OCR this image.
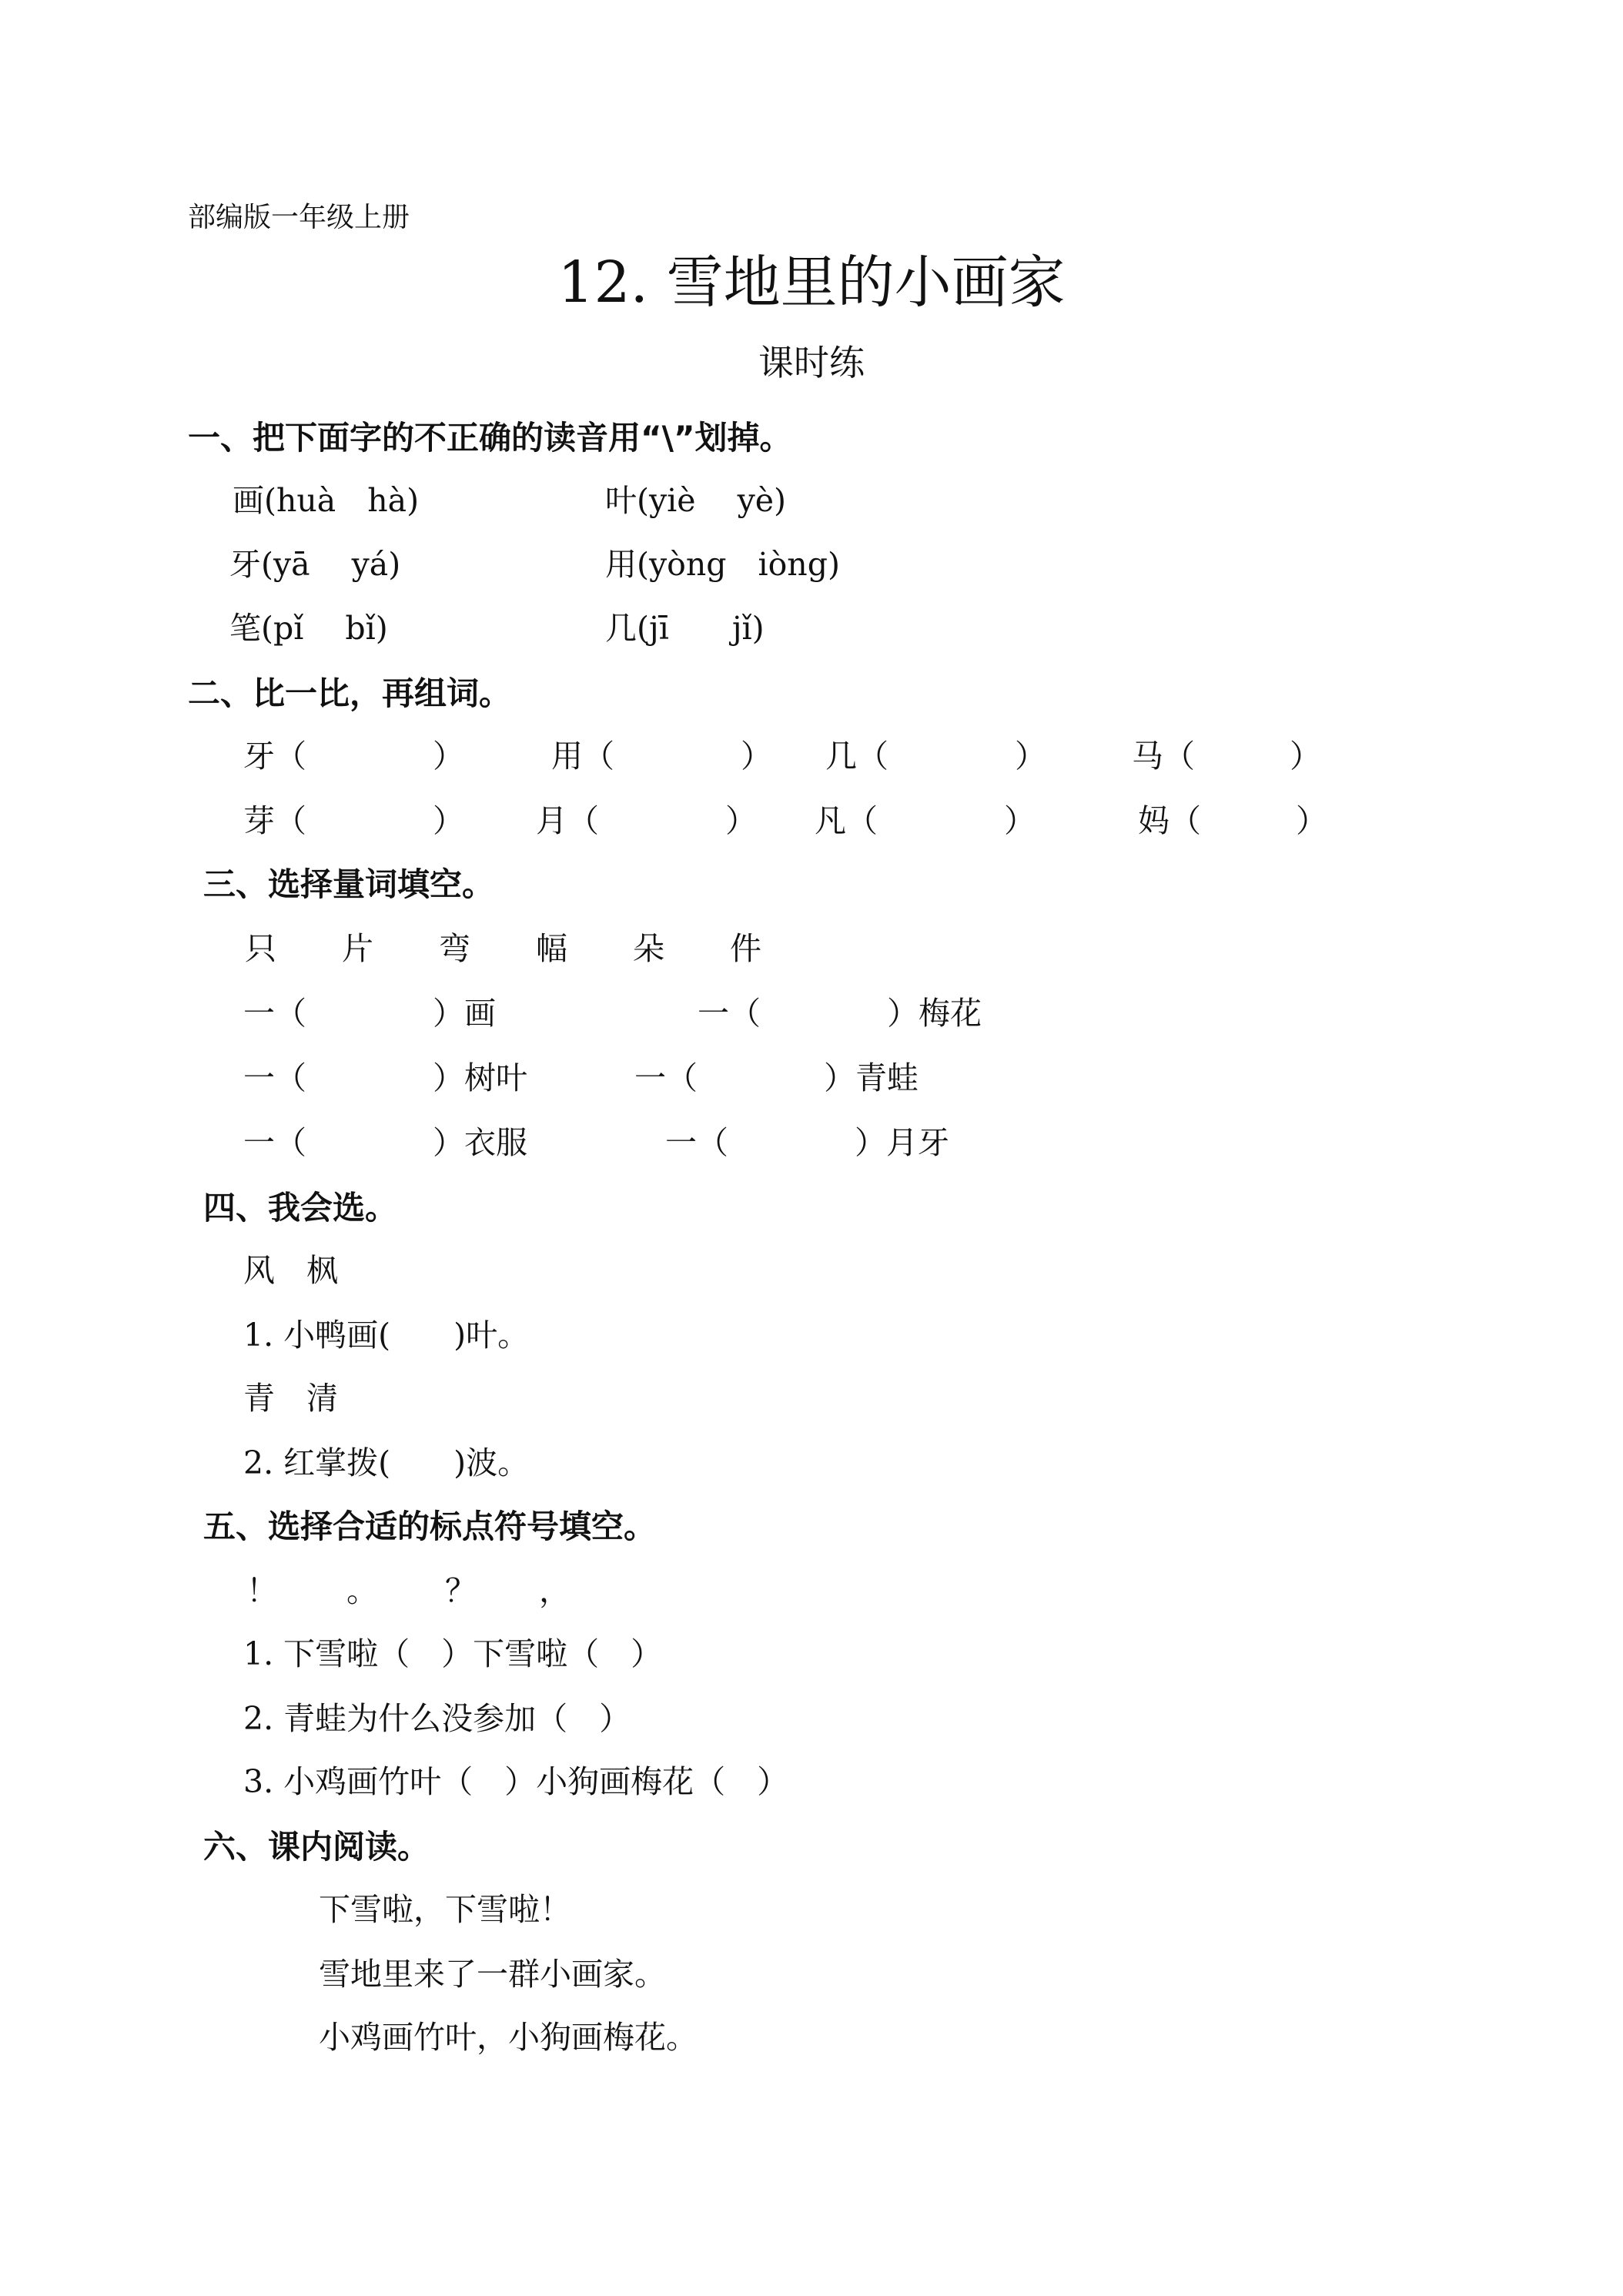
部编版一年级上册
12. 雪地里的小画家
课时练
一、把下面字的不正确的读音用“\”划掉。
画(huà　hà)	叶(yiè　 yè)
牙(yā　 yá)	用(yòng　iòng)
笔(pǐ　 bǐ)	几(jī　　jǐ)
二、比一比，再组词。
牙（　　　　）	用（　　　　） 几（　　　　）	马（　　　）
芽（　　　　） 月（　　　　） 凡（　　　　）	妈（　　　）
三、选择量词填空。
只 片 弯 幅 朵 件
一（　　　　）画	一（　　　　）梅花
一（　　　　）树叶	一（　　　　）青蛙
一（　　　　）衣服	一（　　　　）月牙
四、我会选。
风　枫
1. 小鸭画(　　)叶。
青　清
2. 红掌拨(　　)波。
五、选择合适的标点符号填空。
！ 。 ？ ，
1. 下雪啦（　）下雪啦（　）
2. 青蛙为什么没参加（　）
3. 小鸡画竹叶（　）小狗画梅花（　）
六、课内阅读。
下雪啦，下雪啦！
雪地里来了一群小画家。
小鸡画竹叶，小狗画梅花。
